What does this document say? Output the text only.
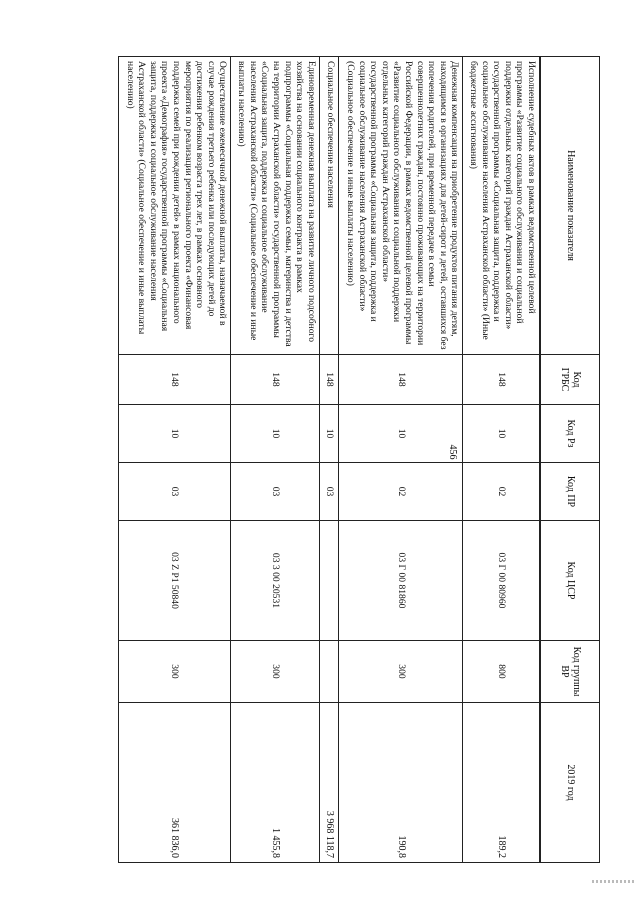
456
Исполнение судебных актов в рамках ведомственной целевой программы «Развитие социального обслуживания и социальной поддержки отдельных категорий граждан Астраханской области» государственной программы «Социальная защита, поддержка и социальное обслуживание населения Астраханской области» (Иные бюджетные ассигнования)	148	10	02	03 Г 00 80960	800	189,2
Денежная компенсация на приобретение продуктов питания детям, находящимся в организациях для детей-сирот и детей, оставшихся без попечения родителей, при временной передаче в семьи совершеннолетних граждан, постоянно проживающих на территории Российской Федерации, в рамках ведомственной целевой программы «Развитие социального обслуживания и социальной поддержки отдельных категорий граждан Астраханской области» государственной программы «Социальная защита, поддержка и социальное обслуживание населения Астраханской области» (Социальное обеспечение и иные выплаты населению)	148	10	02	03 Г 00 81860	300	190,8
Социальное обеспечение населения	148	10	03			3 968 118,7
Единовременная денежная выплата на развитие личного подсобного хозяйства на основании социального контракта в рамках подпрограммы «Социальная поддержка семьи, материнства и детства на территории Астраханской области» государственной программы «Социальная защита, поддержка и социальное обслуживание населения Астраханской области» (Социальное обеспечение и иные выплаты населению)	148	10	03	03 3 00 20531	300	1 455,8
Осуществление ежемесячной денежной выплаты, назначаемой в случае рождения третьего ребенка или последующих детей до достижения ребенком возраста трех лет, в рамках основного мероприятия по реализации регионального проекта «Финансовая поддержка семей при рождении детей» в рамках национального проекта «Демография» государственной программы «Социальная защита, поддержка и социальное обслуживание населения Астраханской области» (Социальное обеспечение и иные выплаты населению)	148	10	03	03 Z P1 50840	300	361 836,0
Наименование показателя	Код ГРБС	Код Рз	Код ПР	Код ЦСР	Код группы ВР	2019 год
